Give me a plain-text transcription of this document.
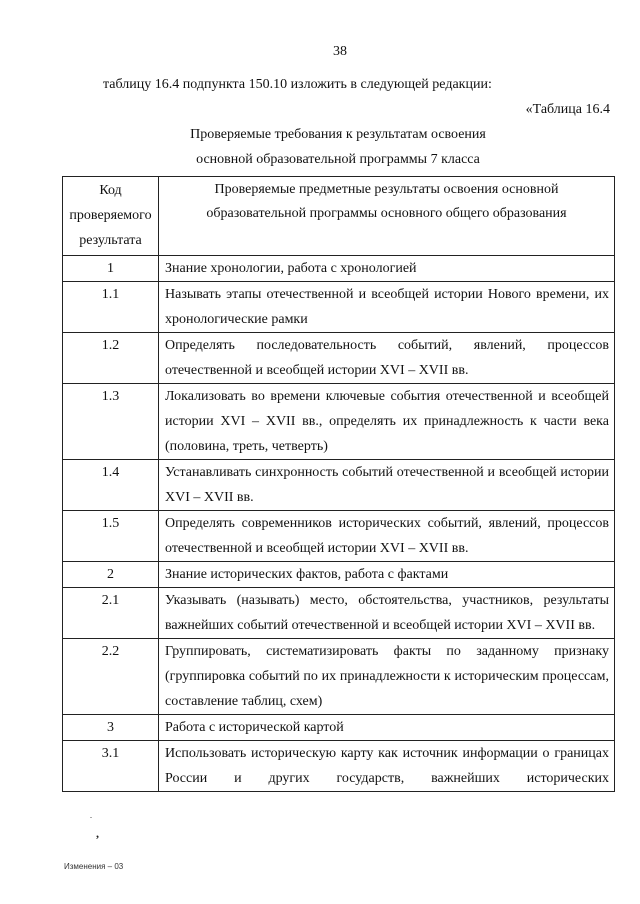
38
таблицу 16.4 подпункта 150.10 изложить в следующей редакции:
«Таблица 16.4
Проверяемые требования к результатам освоения
основной образовательной программы 7 класса
Код
проверяемого
результата	Проверяемые предметные результаты освоения основной образовательной программы основного общего образования
1	Знание хронологии, работа с хронологией
1.1	Называть этапы отечественной и всеобщей истории Нового времени, их хронологические рамки
1.2	Определять последовательность событий, явлений, процессов отечественной и всеобщей истории XVI – XVII вв.
1.3	Локализовать во времени ключевые события отечественной и всеобщей истории XVI – XVII вв., определять их принадлежность к части века (половина, треть, четверть)
1.4	Устанавливать синхронность событий отечественной и всеобщей истории XVI – XVII вв.
1.5	Определять современников исторических событий, явлений, процессов отечественной и всеобщей истории XVI – XVII вв.
2	Знание исторических фактов, работа с фактами
2.1	Указывать (называть) место, обстоятельства, участников, результаты важнейших событий отечественной и всеобщей истории XVI – XVII вв.
2.2	Группировать, систематизировать факты по заданному признаку (группировка событий по их принадлежности к историческим процессам, составление таблиц, схем)
3	Работа с исторической картой
3.1	Использовать историческую карту как источник информации о границах России и других государств, важнейших исторических
.
,
Изменения – 03
